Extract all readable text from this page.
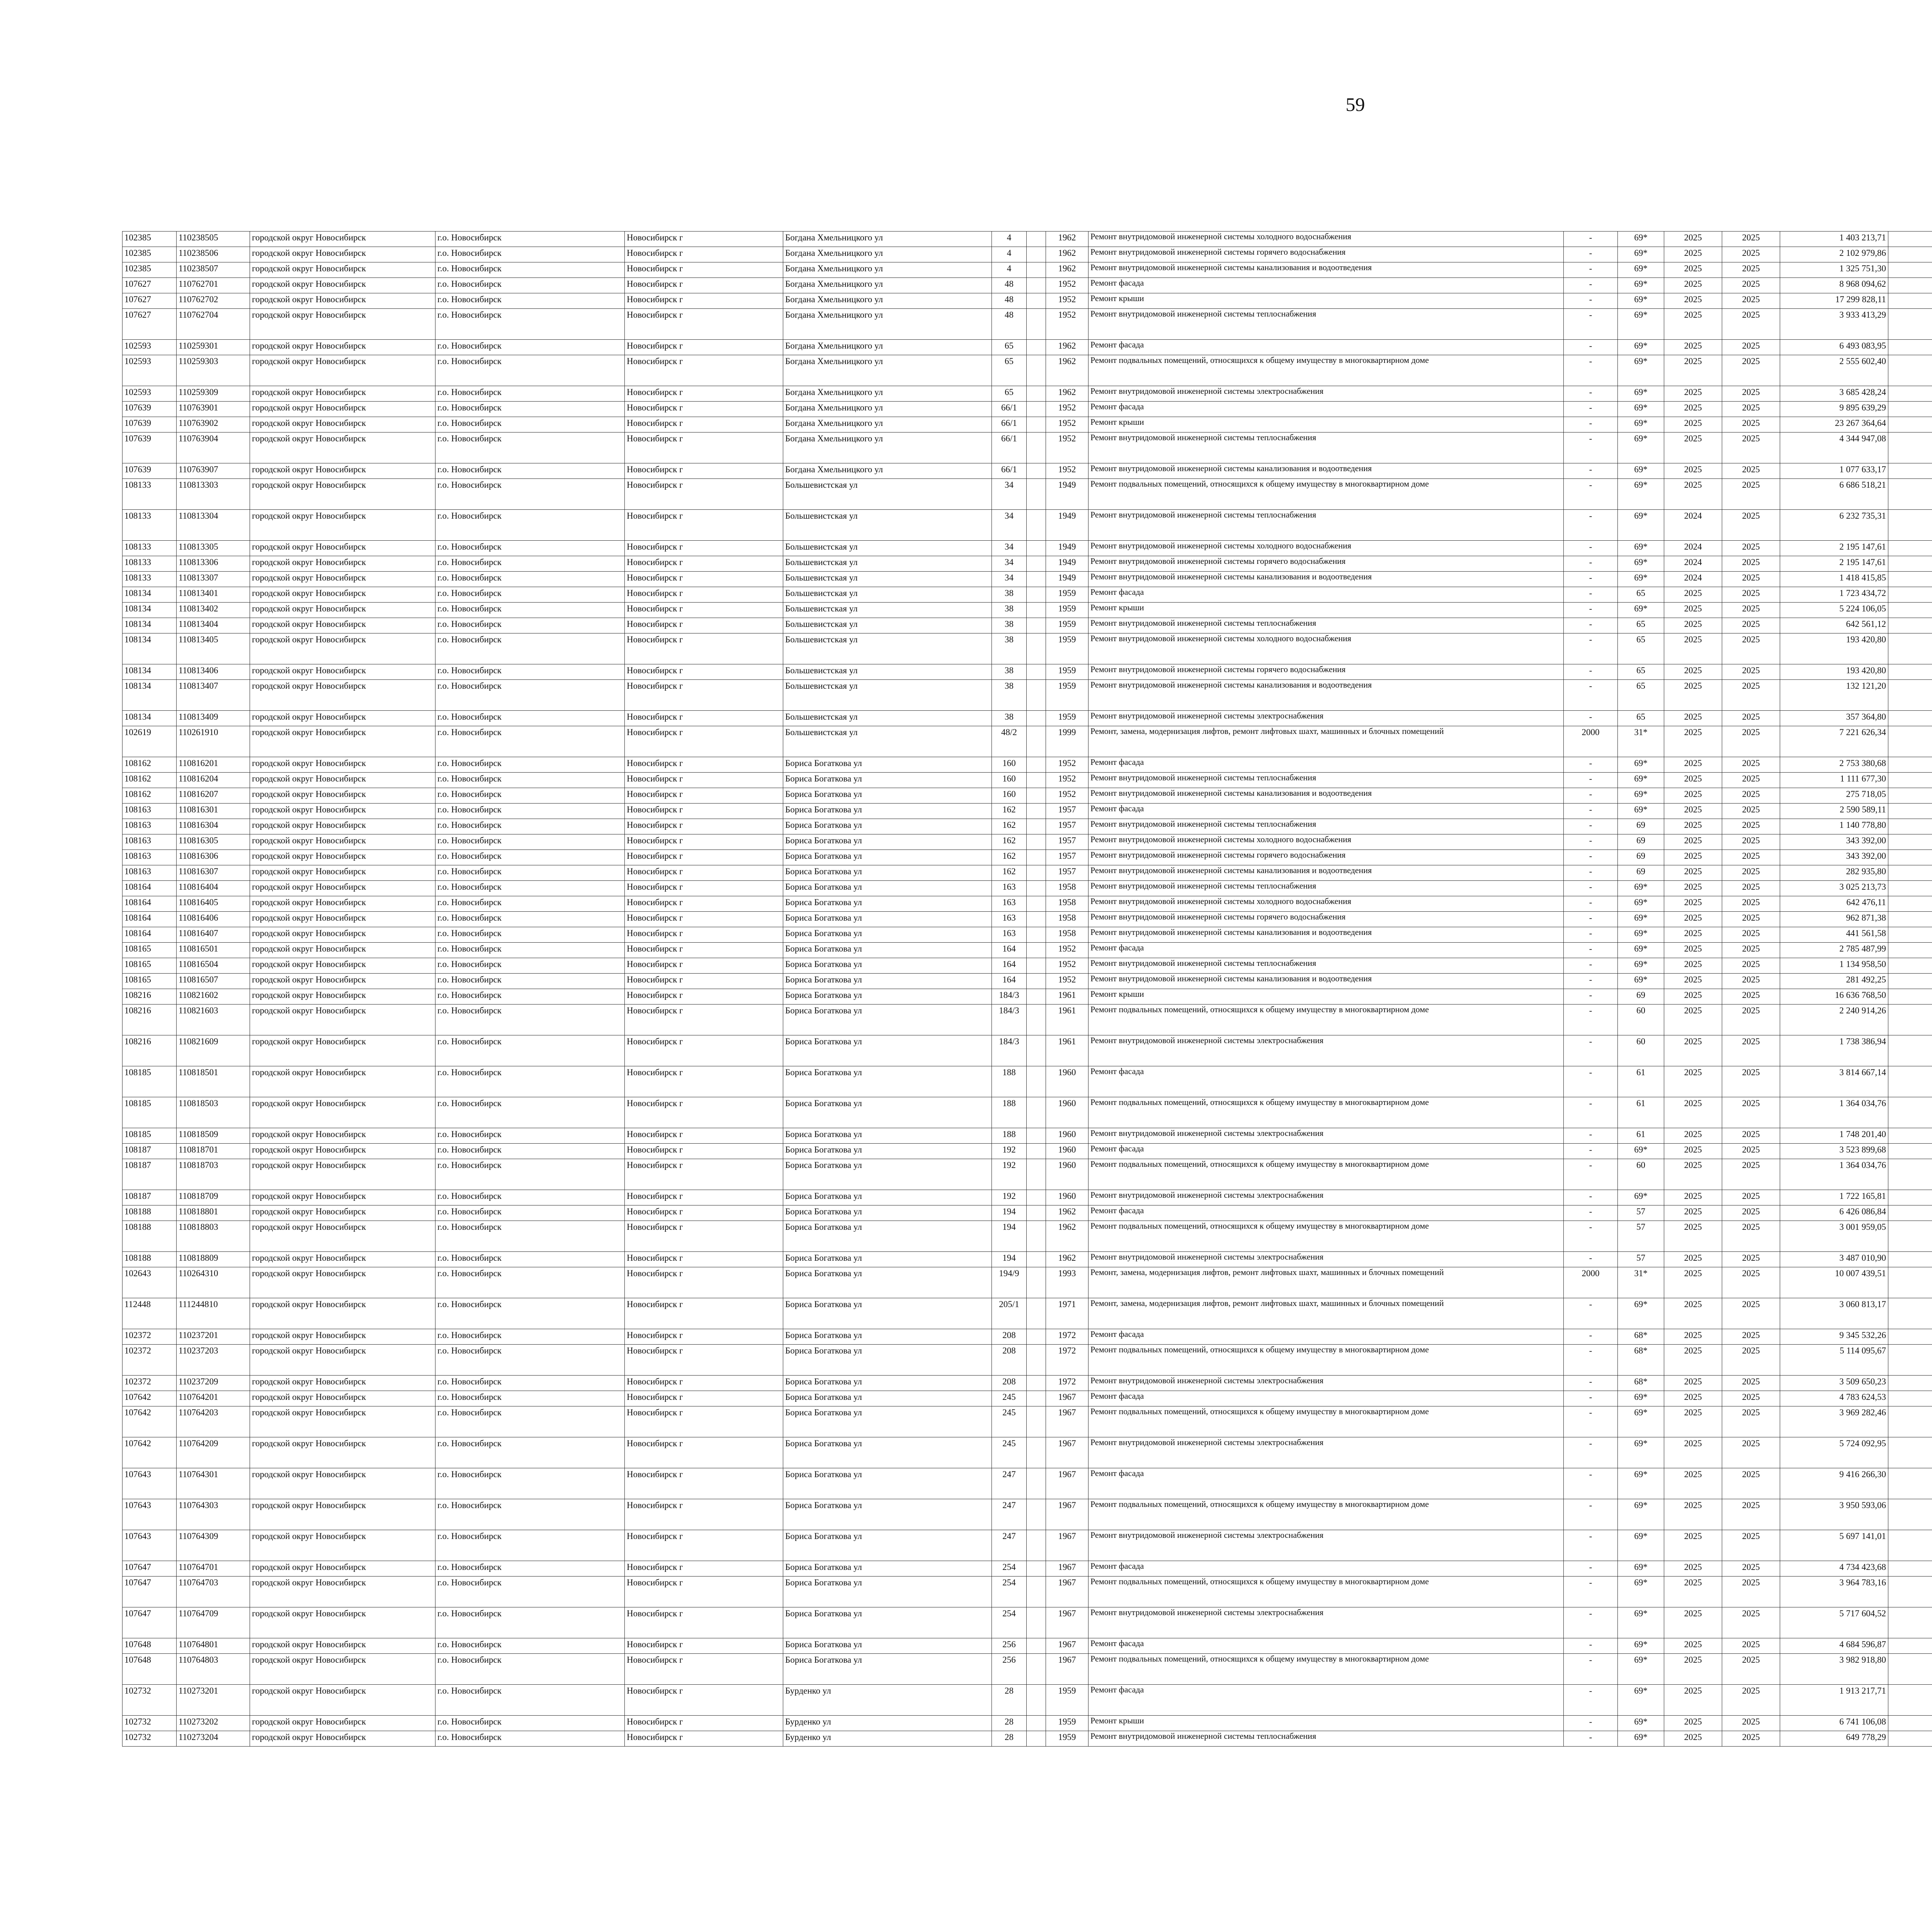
59
102385	110238505	городской округ Новосибирск	г.о. Новосибирск	Новосибирск г	Богдана Хмельницкого ул	4		1962	Ремонт внутридомовой инженерной системы холодного водоснабжения	-	69*	2025	2025	1 403 213,71							
102385	110238506	городской округ Новосибирск	г.о. Новосибирск	Новосибирск г	Богдана Хмельницкого ул	4		1962	Ремонт внутридомовой инженерной системы горячего водоснабжения	-	69*	2025	2025	2 102 979,86							
102385	110238507	городской округ Новосибирск	г.о. Новосибирск	Новосибирск г	Богдана Хмельницкого ул	4		1962	Ремонт внутридомовой инженерной системы канализования и водоотведения	-	69*	2025	2025	1 325 751,30							
107627	110762701	городской округ Новосибирск	г.о. Новосибирск	Новосибирск г	Богдана Хмельницкого ул	48		1952	Ремонт фасада	-	69*	2025	2025	8 968 094,62							
107627	110762702	городской округ Новосибирск	г.о. Новосибирск	Новосибирск г	Богдана Хмельницкого ул	48		1952	Ремонт крыши	-	69*	2025	2025	17 299 828,11							
107627	110762704	городской округ Новосибирск	г.о. Новосибирск	Новосибирск г	Богдана Хмельницкого ул	48		1952	Ремонт внутридомовой инженерной системы теплоснабжения	-	69*	2025	2025	3 933 413,29							
102593	110259301	городской округ Новосибирск	г.о. Новосибирск	Новосибирск г	Богдана Хмельницкого ул	65		1962	Ремонт фасада	-	69*	2025	2025	6 493 083,95							
102593	110259303	городской округ Новосибирск	г.о. Новосибирск	Новосибирск г	Богдана Хмельницкого ул	65		1962	Ремонт подвальных помещений, относящихся к общему имуществу в многоквартирном доме	-	69*	2025	2025	2 555 602,40							
102593	110259309	городской округ Новосибирск	г.о. Новосибирск	Новосибирск г	Богдана Хмельницкого ул	65		1962	Ремонт внутридомовой инженерной системы электроснабжения	-	69*	2025	2025	3 685 428,24							
107639	110763901	городской округ Новосибирск	г.о. Новосибирск	Новосибирск г	Богдана Хмельницкого ул	66/1		1952	Ремонт фасада	-	69*	2025	2025	9 895 639,29							
107639	110763902	городской округ Новосибирск	г.о. Новосибирск	Новосибирск г	Богдана Хмельницкого ул	66/1		1952	Ремонт крыши	-	69*	2025	2025	23 267 364,64							
107639	110763904	городской округ Новосибирск	г.о. Новосибирск	Новосибирск г	Богдана Хмельницкого ул	66/1		1952	Ремонт внутридомовой инженерной системы теплоснабжения	-	69*	2025	2025	4 344 947,08							
107639	110763907	городской округ Новосибирск	г.о. Новосибирск	Новосибирск г	Богдана Хмельницкого ул	66/1		1952	Ремонт внутридомовой инженерной системы канализования и водоотведения	-	69*	2025	2025	1 077 633,17							
108133	110813303	городской округ Новосибирск	г.о. Новосибирск	Новосибирск г	Большевистская ул	34		1949	Ремонт подвальных помещений, относящихся к общему имуществу в многоквартирном доме	-	69*	2025	2025	6 686 518,21							
108133	110813304	городской округ Новосибирск	г.о. Новосибирск	Новосибирск г	Большевистская ул	34		1949	Ремонт внутридомовой инженерной системы теплоснабжения	-	69*	2024	2025	6 232 735,31							
108133	110813305	городской округ Новосибирск	г.о. Новосибирск	Новосибирск г	Большевистская ул	34		1949	Ремонт внутридомовой инженерной системы холодного водоснабжения	-	69*	2024	2025	2 195 147,61							
108133	110813306	городской округ Новосибирск	г.о. Новосибирск	Новосибирск г	Большевистская ул	34		1949	Ремонт внутридомовой инженерной системы горячего водоснабжения	-	69*	2024	2025	2 195 147,61							
108133	110813307	городской округ Новосибирск	г.о. Новосибирск	Новосибирск г	Большевистская ул	34		1949	Ремонт внутридомовой инженерной системы канализования и водоотведения	-	69*	2024	2025	1 418 415,85							
108134	110813401	городской округ Новосибирск	г.о. Новосибирск	Новосибирск г	Большевистская ул	38		1959	Ремонт фасада	-	65	2025	2025	1 723 434,72							
108134	110813402	городской округ Новосибирск	г.о. Новосибирск	Новосибирск г	Большевистская ул	38		1959	Ремонт крыши	-	69*	2025	2025	5 224 106,05							
108134	110813404	городской округ Новосибирск	г.о. Новосибирск	Новосибирск г	Большевистская ул	38		1959	Ремонт внутридомовой инженерной системы теплоснабжения	-	65	2025	2025	642 561,12							
108134	110813405	городской округ Новосибирск	г.о. Новосибирск	Новосибирск г	Большевистская ул	38		1959	Ремонт внутридомовой инженерной системы холодного водоснабжения	-	65	2025	2025	193 420,80							
108134	110813406	городской округ Новосибирск	г.о. Новосибирск	Новосибирск г	Большевистская ул	38		1959	Ремонт внутридомовой инженерной системы горячего водоснабжения	-	65	2025	2025	193 420,80							
108134	110813407	городской округ Новосибирск	г.о. Новосибирск	Новосибирск г	Большевистская ул	38		1959	Ремонт внутридомовой инженерной системы канализования и водоотведения	-	65	2025	2025	132 121,20							
108134	110813409	городской округ Новосибирск	г.о. Новосибирск	Новосибирск г	Большевистская ул	38		1959	Ремонт внутридомовой инженерной системы электроснабжения	-	65	2025	2025	357 364,80							
102619	110261910	городской округ Новосибирск	г.о. Новосибирск	Новосибирск г	Большевистская ул	48/2		1999	Ремонт, замена, модернизация лифтов, ремонт лифтовых шахт, машинных и блочных помещений	2000	31*	2025	2025	7 221 626,34							
108162	110816201	городской округ Новосибирск	г.о. Новосибирск	Новосибирск г	Бориса Богаткова ул	160		1952	Ремонт фасада	-	69*	2025	2025	2 753 380,68							
108162	110816204	городской округ Новосибирск	г.о. Новосибирск	Новосибирск г	Бориса Богаткова ул	160		1952	Ремонт внутридомовой инженерной системы теплоснабжения	-	69*	2025	2025	1 111 677,30							
108162	110816207	городской округ Новосибирск	г.о. Новосибирск	Новосибирск г	Бориса Богаткова ул	160		1952	Ремонт внутридомовой инженерной системы канализования и водоотведения	-	69*	2025	2025	275 718,05							
108163	110816301	городской округ Новосибирск	г.о. Новосибирск	Новосибирск г	Бориса Богаткова ул	162		1957	Ремонт фасада	-	69*	2025	2025	2 590 589,11							
108163	110816304	городской округ Новосибирск	г.о. Новосибирск	Новосибирск г	Бориса Богаткова ул	162		1957	Ремонт внутридомовой инженерной системы теплоснабжения	-	69	2025	2025	1 140 778,80							
108163	110816305	городской округ Новосибирск	г.о. Новосибирск	Новосибирск г	Бориса Богаткова ул	162		1957	Ремонт внутридомовой инженерной системы холодного водоснабжения	-	69	2025	2025	343 392,00							
108163	110816306	городской округ Новосибирск	г.о. Новосибирск	Новосибирск г	Бориса Богаткова ул	162		1957	Ремонт внутридомовой инженерной системы горячего водоснабжения	-	69	2025	2025	343 392,00							
108163	110816307	городской округ Новосибирск	г.о. Новосибирск	Новосибирск г	Бориса Богаткова ул	162		1957	Ремонт внутридомовой инженерной системы канализования и водоотведения	-	69	2025	2025	282 935,80							
108164	110816404	городской округ Новосибирск	г.о. Новосибирск	Новосибирск г	Бориса Богаткова ул	163		1958	Ремонт внутридомовой инженерной системы теплоснабжения	-	69*	2025	2025	3 025 213,73							
108164	110816405	городской округ Новосибирск	г.о. Новосибирск	Новосибирск г	Бориса Богаткова ул	163		1958	Ремонт внутридомовой инженерной системы холодного водоснабжения	-	69*	2025	2025	642 476,11							
108164	110816406	городской округ Новосибирск	г.о. Новосибирск	Новосибирск г	Бориса Богаткова ул	163		1958	Ремонт внутридомовой инженерной системы горячего водоснабжения	-	69*	2025	2025	962 871,38							
108164	110816407	городской округ Новосибирск	г.о. Новосибирск	Новосибирск г	Бориса Богаткова ул	163		1958	Ремонт внутридомовой инженерной системы канализования и водоотведения	-	69*	2025	2025	441 561,58							
108165	110816501	городской округ Новосибирск	г.о. Новосибирск	Новосибирск г	Бориса Богаткова ул	164		1952	Ремонт фасада	-	69*	2025	2025	2 785 487,99							
108165	110816504	городской округ Новосибирск	г.о. Новосибирск	Новосибирск г	Бориса Богаткова ул	164		1952	Ремонт внутридомовой инженерной системы теплоснабжения	-	69*	2025	2025	1 134 958,50							
108165	110816507	городской округ Новосибирск	г.о. Новосибирск	Новосибирск г	Бориса Богаткова ул	164		1952	Ремонт внутридомовой инженерной системы канализования и водоотведения	-	69*	2025	2025	281 492,25							
108216	110821602	городской округ Новосибирск	г.о. Новосибирск	Новосибирск г	Бориса Богаткова ул	184/3		1961	Ремонт крыши	-	69	2025	2025	16 636 768,50							
108216	110821603	городской округ Новосибирск	г.о. Новосибирск	Новосибирск г	Бориса Богаткова ул	184/3		1961	Ремонт подвальных помещений, относящихся к общему имуществу в многоквартирном доме	-	60	2025	2025	2 240 914,26							
108216	110821609	городской округ Новосибирск	г.о. Новосибирск	Новосибирск г	Бориса Богаткова ул	184/3		1961	Ремонт внутридомовой инженерной системы электроснабжения	-	60	2025	2025	1 738 386,94							
108185	110818501	городской округ Новосибирск	г.о. Новосибирск	Новосибирск г	Бориса Богаткова ул	188		1960	Ремонт фасада	-	61	2025	2025	3 814 667,14							
108185	110818503	городской округ Новосибирск	г.о. Новосибирск	Новосибирск г	Бориса Богаткова ул	188		1960	Ремонт подвальных помещений, относящихся к общему имуществу в многоквартирном доме	-	61	2025	2025	1 364 034,76							
108185	110818509	городской округ Новосибирск	г.о. Новосибирск	Новосибирск г	Бориса Богаткова ул	188		1960	Ремонт внутридомовой инженерной системы электроснабжения	-	61	2025	2025	1 748 201,40							
108187	110818701	городской округ Новосибирск	г.о. Новосибирск	Новосибирск г	Бориса Богаткова ул	192		1960	Ремонт фасада	-	69*	2025	2025	3 523 899,68							
108187	110818703	городской округ Новосибирск	г.о. Новосибирск	Новосибирск г	Бориса Богаткова ул	192		1960	Ремонт подвальных помещений, относящихся к общему имуществу в многоквартирном доме	-	60	2025	2025	1 364 034,76							
108187	110818709	городской округ Новосибирск	г.о. Новосибирск	Новосибирск г	Бориса Богаткова ул	192		1960	Ремонт внутридомовой инженерной системы электроснабжения	-	69*	2025	2025	1 722 165,81							
108188	110818801	городской округ Новосибирск	г.о. Новосибирск	Новосибирск г	Бориса Богаткова ул	194		1962	Ремонт фасада	-	57	2025	2025	6 426 086,84							
108188	110818803	городской округ Новосибирск	г.о. Новосибирск	Новосибирск г	Бориса Богаткова ул	194		1962	Ремонт подвальных помещений, относящихся к общему имуществу в многоквартирном доме	-	57	2025	2025	3 001 959,05							
108188	110818809	городской округ Новосибирск	г.о. Новосибирск	Новосибирск г	Бориса Богаткова ул	194		1962	Ремонт внутридомовой инженерной системы электроснабжения	-	57	2025	2025	3 487 010,90							
102643	110264310	городской округ Новосибирск	г.о. Новосибирск	Новосибирск г	Бориса Богаткова ул	194/9		1993	Ремонт, замена, модернизация лифтов, ремонт лифтовых шахт, машинных и блочных помещений	2000	31*	2025	2025	10 007 439,51							
112448	111244810	городской округ Новосибирск	г.о. Новосибирск	Новосибирск г	Бориса Богаткова ул	205/1		1971	Ремонт, замена, модернизация лифтов, ремонт лифтовых шахт, машинных и блочных помещений	-	69*	2025	2025	3 060 813,17							
102372	110237201	городской округ Новосибирск	г.о. Новосибирск	Новосибирск г	Бориса Богаткова ул	208		1972	Ремонт фасада	-	68*	2025	2025	9 345 532,26							
102372	110237203	городской округ Новосибирск	г.о. Новосибирск	Новосибирск г	Бориса Богаткова ул	208		1972	Ремонт подвальных помещений, относящихся к общему имуществу в многоквартирном доме	-	68*	2025	2025	5 114 095,67							
102372	110237209	городской округ Новосибирск	г.о. Новосибирск	Новосибирск г	Бориса Богаткова ул	208		1972	Ремонт внутридомовой инженерной системы электроснабжения	-	68*	2025	2025	3 509 650,23							
107642	110764201	городской округ Новосибирск	г.о. Новосибирск	Новосибирск г	Бориса Богаткова ул	245		1967	Ремонт фасада	-	69*	2025	2025	4 783 624,53							
107642	110764203	городской округ Новосибирск	г.о. Новосибирск	Новосибирск г	Бориса Богаткова ул	245		1967	Ремонт подвальных помещений, относящихся к общему имуществу в многоквартирном доме	-	69*	2025	2025	3 969 282,46							
107642	110764209	городской округ Новосибирск	г.о. Новосибирск	Новосибирск г	Бориса Богаткова ул	245		1967	Ремонт внутридомовой инженерной системы электроснабжения	-	69*	2025	2025	5 724 092,95							
107643	110764301	городской округ Новосибирск	г.о. Новосибирск	Новосибирск г	Бориса Богаткова ул	247		1967	Ремонт фасада	-	69*	2025	2025	9 416 266,30							
107643	110764303	городской округ Новосибирск	г.о. Новосибирск	Новосибирск г	Бориса Богаткова ул	247		1967	Ремонт подвальных помещений, относящихся к общему имуществу в многоквартирном доме	-	69*	2025	2025	3 950 593,06							
107643	110764309	городской округ Новосибирск	г.о. Новосибирск	Новосибирск г	Бориса Богаткова ул	247		1967	Ремонт внутридомовой инженерной системы электроснабжения	-	69*	2025	2025	5 697 141,01							
107647	110764701	городской округ Новосибирск	г.о. Новосибирск	Новосибирск г	Бориса Богаткова ул	254		1967	Ремонт фасада	-	69*	2025	2025	4 734 423,68							
107647	110764703	городской округ Новосибирск	г.о. Новосибирск	Новосибирск г	Бориса Богаткова ул	254		1967	Ремонт подвальных помещений, относящихся к общему имуществу в многоквартирном доме	-	69*	2025	2025	3 964 783,16							
107647	110764709	городской округ Новосибирск	г.о. Новосибирск	Новосибирск г	Бориса Богаткова ул	254		1967	Ремонт внутридомовой инженерной системы электроснабжения	-	69*	2025	2025	5 717 604,52							
107648	110764801	городской округ Новосибирск	г.о. Новосибирск	Новосибирск г	Бориса Богаткова ул	256		1967	Ремонт фасада	-	69*	2025	2025	4 684 596,87							
107648	110764803	городской округ Новосибирск	г.о. Новосибирск	Новосибирск г	Бориса Богаткова ул	256		1967	Ремонт подвальных помещений, относящихся к общему имуществу в многоквартирном доме	-	69*	2025	2025	3 982 918,80							
102732	110273201	городской округ Новосибирск	г.о. Новосибирск	Новосибирск г	Бурденко ул	28		1959	Ремонт фасада	-	69*	2025	2025	1 913 217,71							
102732	110273202	городской округ Новосибирск	г.о. Новосибирск	Новосибирск г	Бурденко ул	28		1959	Ремонт крыши	-	69*	2025	2025	6 741 106,08							
102732	110273204	городской округ Новосибирск	г.о. Новосибирск	Новосибирск г	Бурденко ул	28		1959	Ремонт внутридомовой инженерной системы теплоснабжения	-	69*	2025	2025	649 778,29							
